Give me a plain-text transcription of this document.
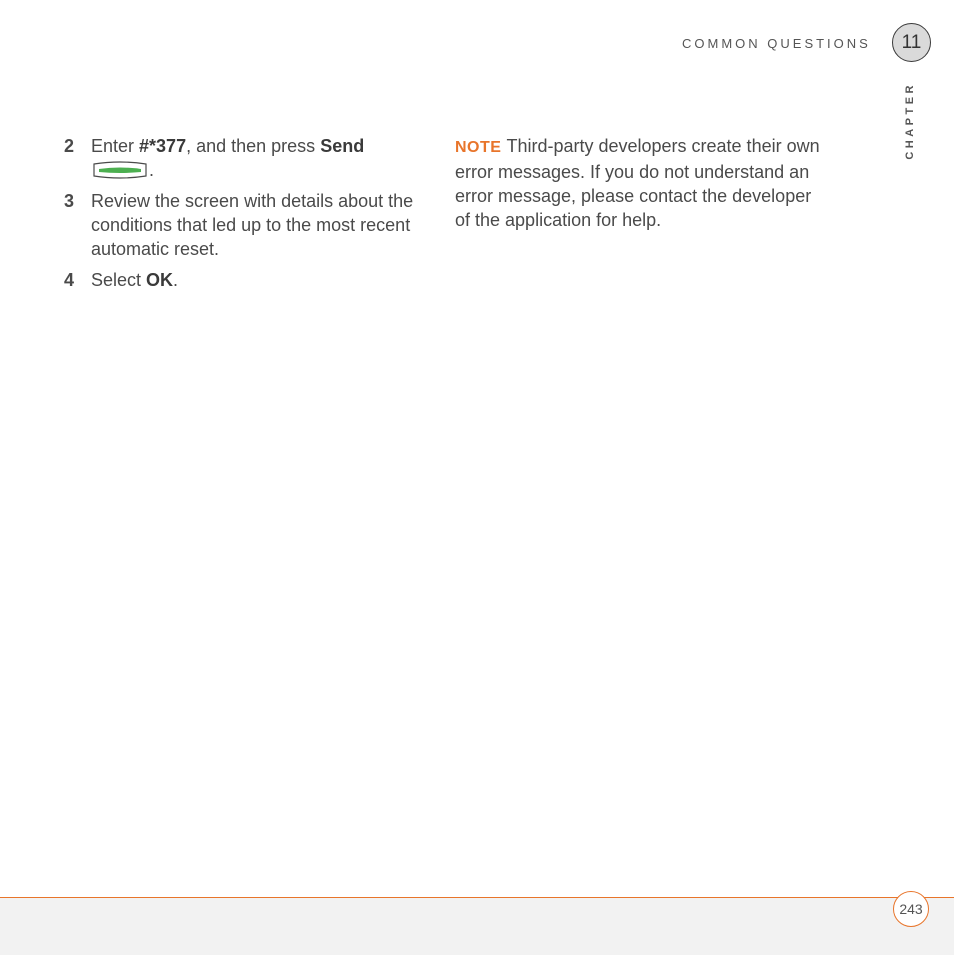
COMMON QUESTIONS	11
CHAPTER
2 Enter #*377, and then press Send
.
3 Review the screen with details about the conditions that led up to the most recent automatic reset.
4 Select OK.
NOTE Third-party developers create their own error messages. If you do not understand an error message, please contact the developer of the application for help.
243
